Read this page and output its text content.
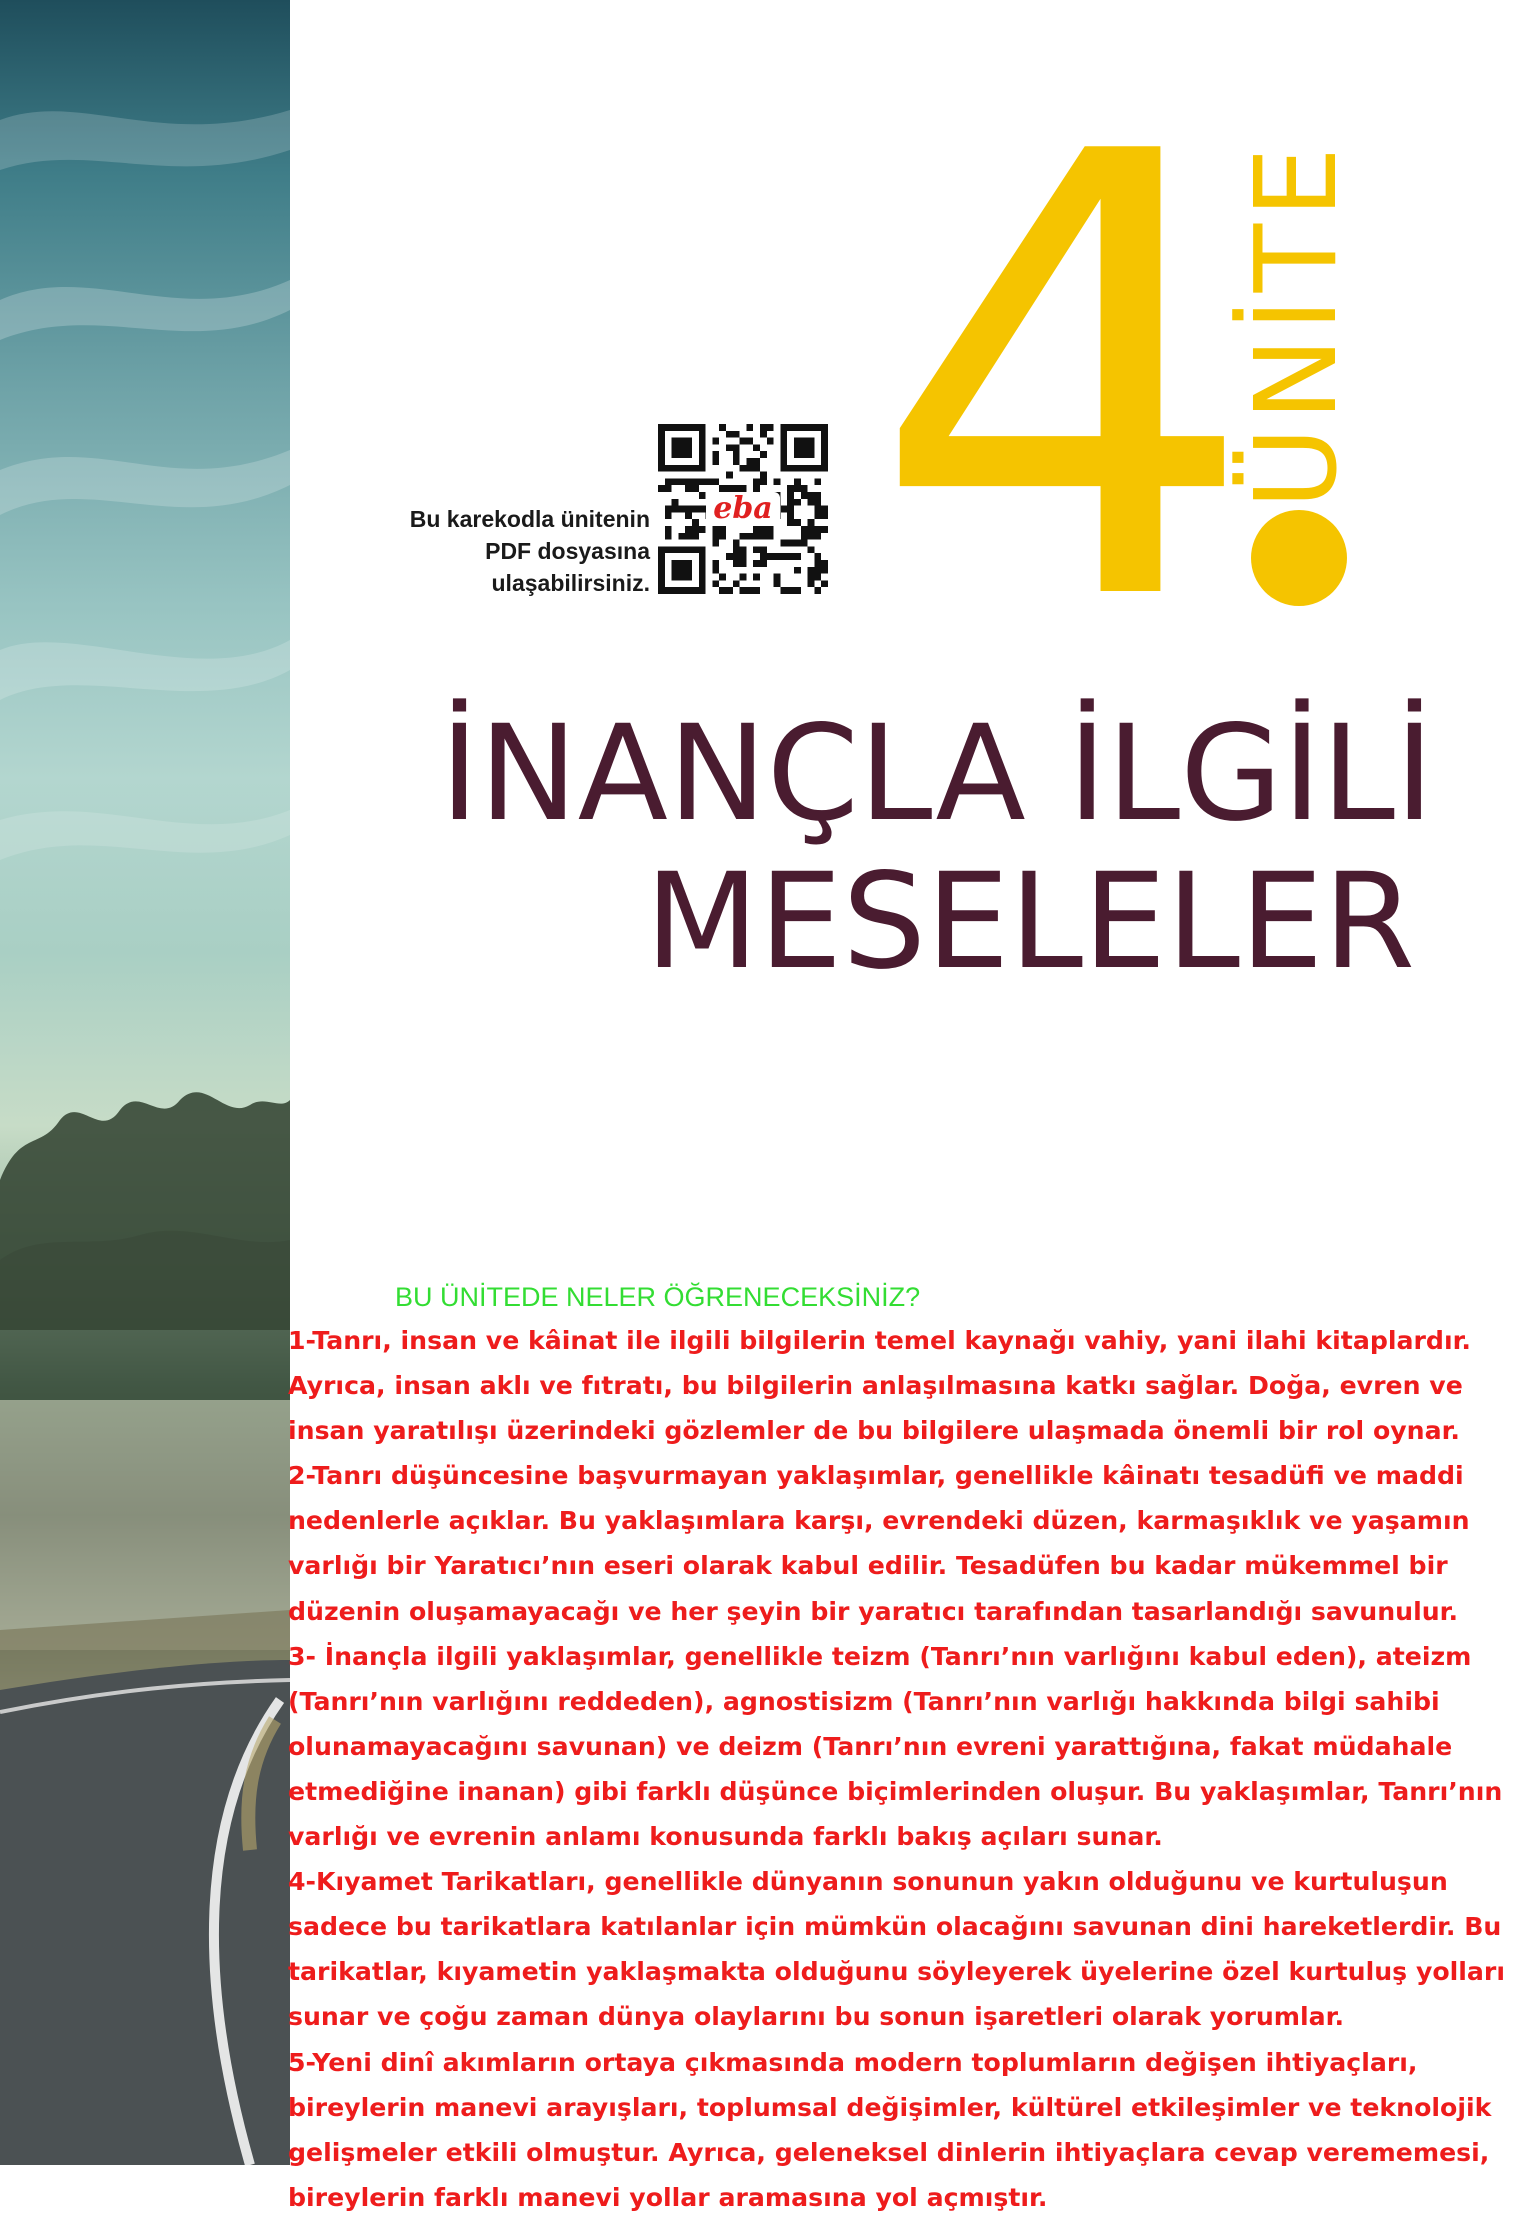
4
ÜNİTE
Bu karekodla ünitenin
PDF dosyasına
ulaşabilirsiniz.
eba
İNANÇLA İLGİLİ
MESELELER
BU ÜNİTEDE NELER ÖĞRENECEKSİNİZ?

1-Tanrı, insan ve kâinat ile ilgili bilgilerin temel kaynağı vahiy, yani ilahi kitaplardır. Ayrıca, insan aklı ve fıtratı, bu bilgilerin anlaşılmasına katkı sağlar. Doğa, evren ve insan yaratılışı üzerindeki gözlemler de bu bilgilere ulaşmada önemli bir rol oynar.

2-Tanrı düşüncesine başvurmayan yaklaşımlar, genellikle kâinatı tesadüfi ve maddi nedenlerle açıklar. Bu yaklaşımlara karşı, evrendeki düzen, karmaşıklık ve yaşamın varlığı bir Yaratıcı’nın eseri olarak kabul edilir. Tesadüfen bu kadar mükemmel bir düzenin oluşamayacağı ve her şeyin bir yaratıcı tarafından tasarlandığı savunulur.

3- İnançla ilgili yaklaşımlar, genellikle teizm (Tanrı’nın varlığını kabul eden), ateizm (Tanrı’nın varlığını reddeden), agnostisizm (Tanrı’nın varlığı hakkında bilgi sahibi olunamayacağını savunan) ve deizm (Tanrı’nın evreni yarattığına, fakat müdahale etmediğine inanan) gibi farklı düşünce biçimlerinden oluşur. Bu yaklaşımlar, Tanrı’nın varlığı ve evrenin anlamı konusunda farklı bakış açıları sunar.

4-Kıyamet Tarikatları, genellikle dünyanın sonunun yakın olduğunu ve kurtuluşun sadece bu tarikatlara katılanlar için mümkün olacağını savunan dini hareketlerdir. Bu tarikatlar, kıyametin yaklaşmakta olduğunu söyleyerek üyelerine özel kurtuluş yolları sunar ve çoğu zaman dünya olaylarını bu sonun işaretleri olarak yorumlar.

5-Yeni dinî akımların ortaya çıkmasında modern toplumların değişen ihtiyaçları, bireylerin manevi arayışları, toplumsal değişimler, kültürel etkileşimler ve teknolojik gelişmeler etkili olmuştur. Ayrıca, geleneksel dinlerin ihtiyaçlara cevap verememesi, bireylerin farklı manevi yollar aramasına yol açmıştır.
